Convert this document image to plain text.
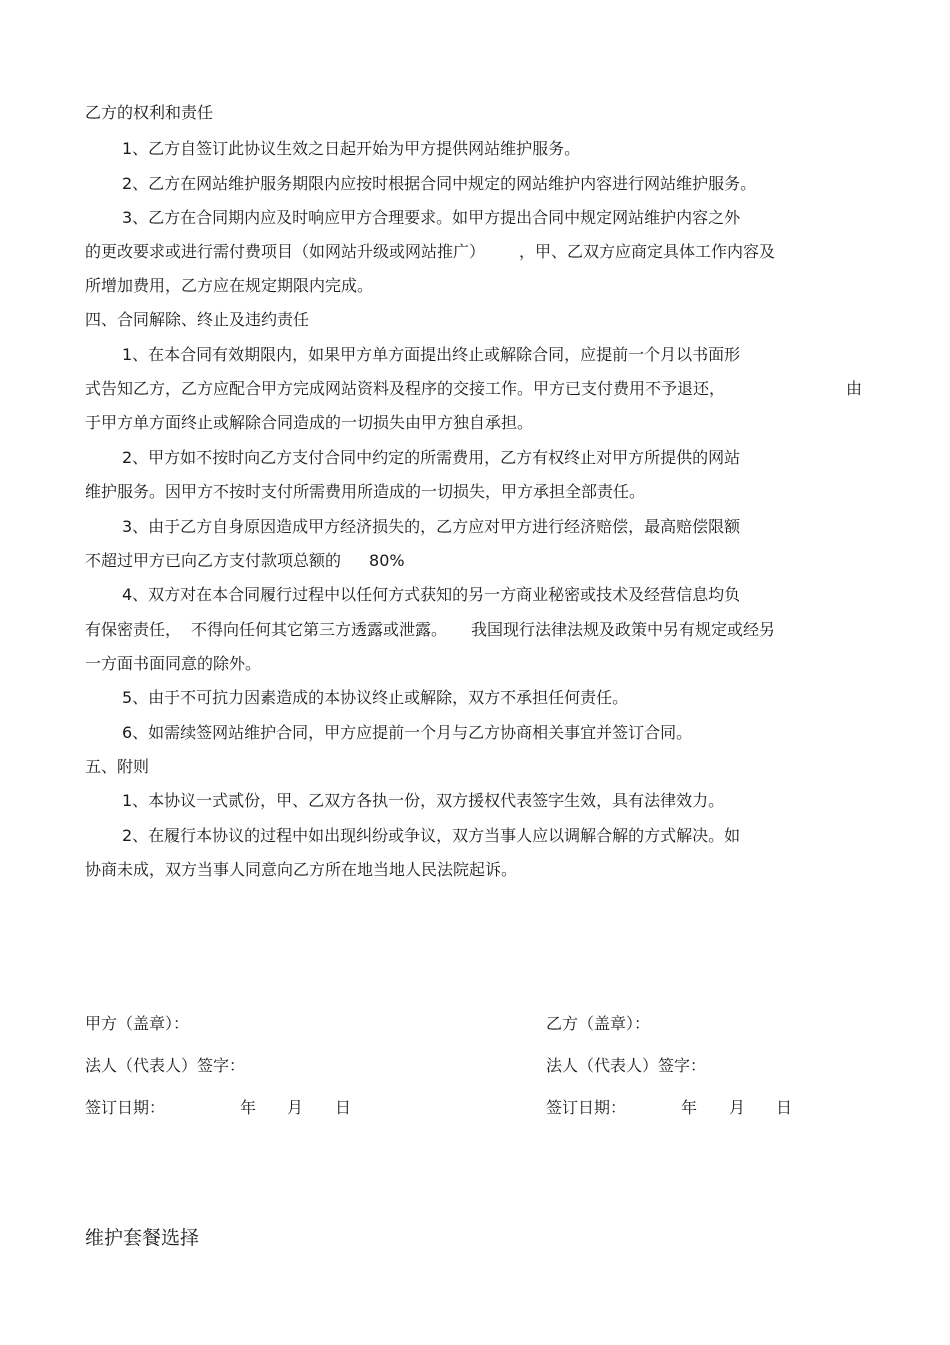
乙方的权利和责任

1、乙方自签订此协议生效之日起开始为甲方提供网站维护服务。

2、乙方在网站维护服务期限内应按时根据合同中规定的网站维护内容进行网站维护服务。

3、乙方在合同期内应及时响应甲方合理要求。如甲方提出合同中规定网站维护内容之外

的更改要求或进行需付费项目（如网站升级或网站推广） ，甲、乙双方应商定具体工作内容及

所增加费用，乙方应在规定期限内完成。

四、合同解除、终止及违约责任

1、在本合同有效期限内，如果甲方单方面提出终止或解除合同，应提前一个月以书面形

式告知乙方，乙方应配合甲方完成网站资料及程序的交接工作。甲方已支付费用不予退还，	由

于甲方单方面终止或解除合同造成的一切损失由甲方独自承担。

2、甲方如不按时向乙方支付合同中约定的所需费用，乙方有权终止对甲方所提供的网站

维护服务。因甲方不按时支付所需费用所造成的一切损失，甲方承担全部责任。

3、由于乙方自身原因造成甲方经济损失的，乙方应对甲方进行经济赔偿，最高赔偿限额

不超过甲方已向乙方支付款项总额的 80%

4、双方对在本合同履行过程中以任何方式获知的另一方商业秘密或技术及经营信息均负

有保密责任， 不得向任何其它第三方透露或泄露。 我国现行法律法规及政策中另有规定或经另

一方面书面同意的除外。

5、由于不可抗力因素造成的本协议终止或解除，双方不承担任何责任。

6、如需续签网站维护合同，甲方应提前一个月与乙方协商相关事宜并签订合同。

五、附则

1、本协议一式贰份，甲、乙双方各执一份，双方援权代表签字生效，具有法律效力。

2、在履行本协议的过程中如出现纠纷或争议，双方当事人应以调解合解的方式解决。如

协商未成，双方当事人同意向乙方所在地当地人民法院起诉。

甲方（盖章）：
法人（代表人）签字：
签订日期：	年 月 日
乙方（盖章）：
法人（代表人）签字：
签订日期：	年 月 日
维护套餐选择
